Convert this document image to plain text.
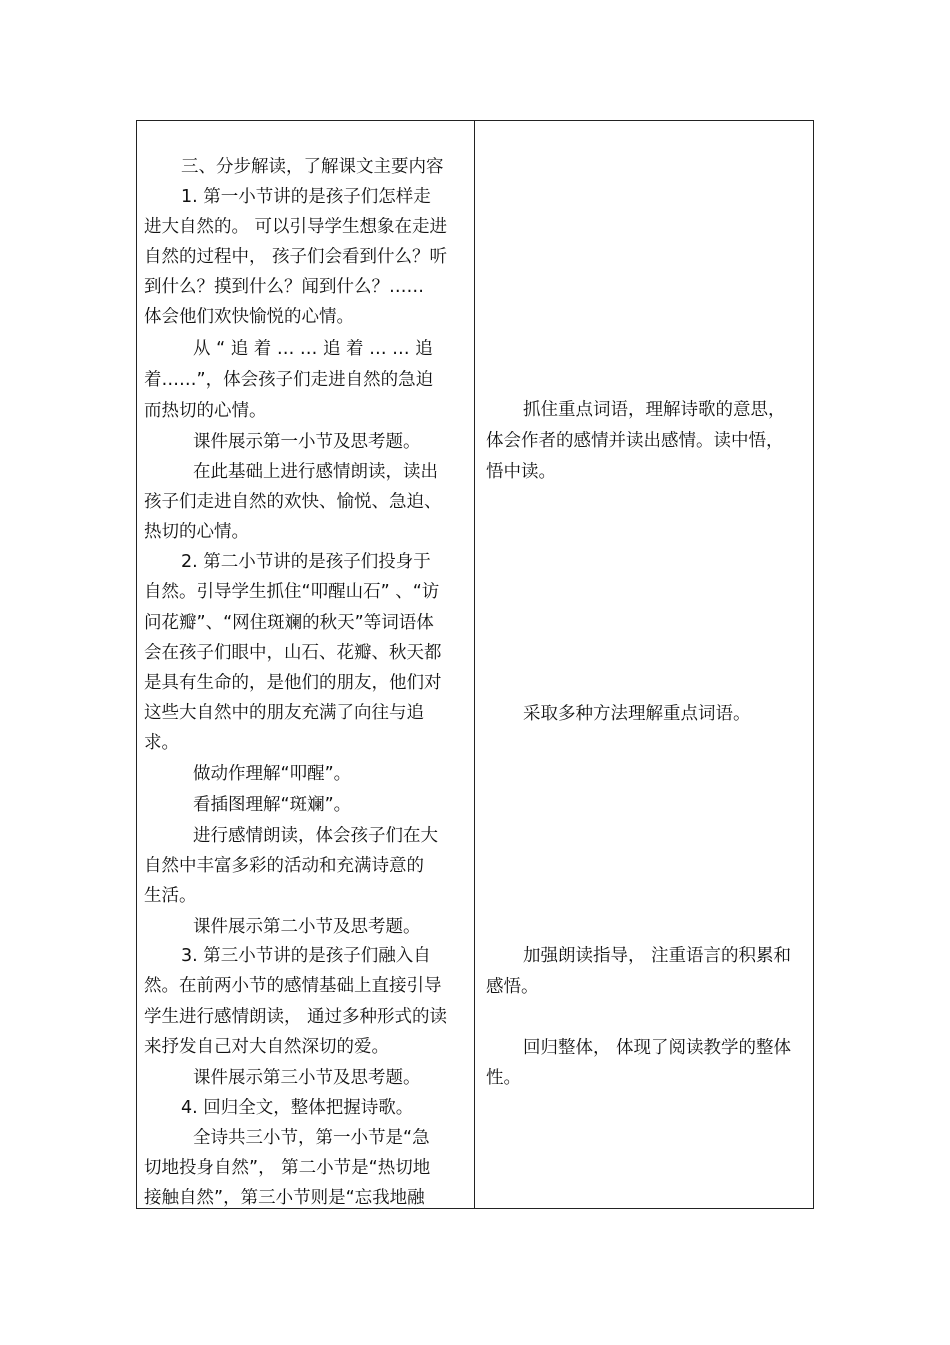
三、分步解读，了解课文主要内容
1. 第一小节讲的是孩子们怎样走
进大自然的。 可以引导学生想象在走进
自然的过程中， 孩子们会看到什么？听
到什么？摸到什么？闻到什么？……
体会他们欢快愉悦的心情。
从 “ 追 着 … … 追 着 … … 追
着……”，体会孩子们走进自然的急迫
而热切的心情。
课件展示第一小节及思考题。
在此基础上进行感情朗读，读出
孩子们走进自然的欢快、愉悦、急迫、
热切的心情。
2. 第二小节讲的是孩子们投身于
自然。引导学生抓住“叩醒山石” 、“访
问花瓣”、“网住斑斓的秋天”等词语体
会在孩子们眼中，山石、花瓣、秋天都
是具有生命的，是他们的朋友，他们对
这些大自然中的朋友充满了向往与追
求。
做动作理解“叩醒”。
看插图理解“斑斓”。
进行感情朗读，体会孩子们在大
自然中丰富多彩的活动和充满诗意的
生活。
课件展示第二小节及思考题。
3. 第三小节讲的是孩子们融入自
然。在前两小节的感情基础上直接引导
学生进行感情朗读， 通过多种形式的读
来抒发自己对大自然深切的爱。
课件展示第三小节及思考题。
4. 回归全文，整体把握诗歌。
全诗共三小节，第一小节是“急
切地投身自然”， 第二小节是“热切地
接触自然”，第三小节则是“忘我地融
抓住重点词语，理解诗歌的意思，
体会作者的感情并读出感情。读中悟，
悟中读。
采取多种方法理解重点词语。
加强朗读指导， 注重语言的积累和
感悟。
回归整体， 体现了阅读教学的整体
性。
